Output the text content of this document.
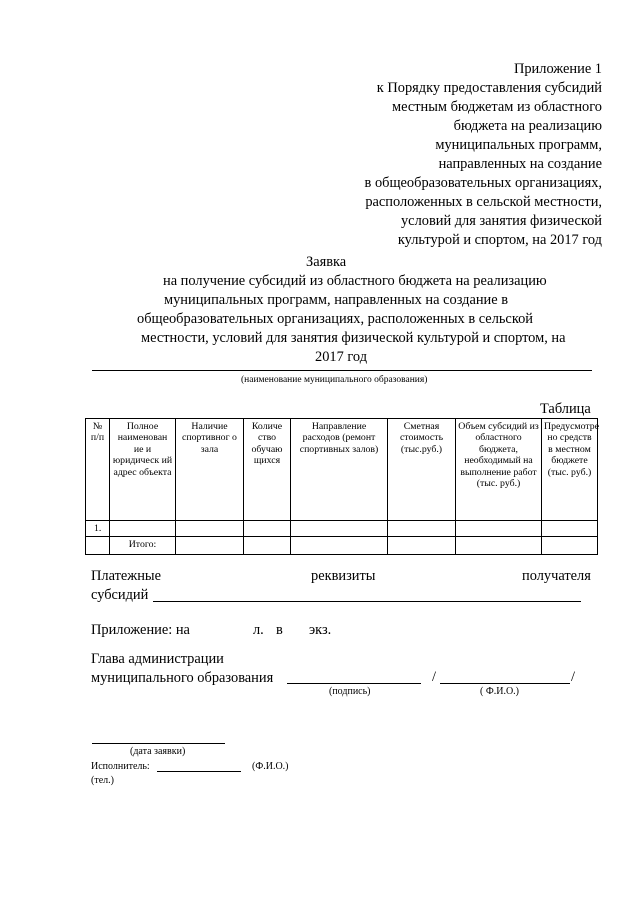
Приложение 1
к Порядку предоставления субсидий
местным бюджетам из областного
бюджета на реализацию
муниципальных программ,
направленных на создание
в общеобразовательных организациях,
расположенных в сельской местности,
условий для занятия физической
культурой и спортом, на 2017 год
Заявка
на получение субсидий из областного бюджета на реализацию
муниципальных программ, направленных на создание в
общеобразовательных организациях, расположенных в сельской
местности, условий для занятия физической культурой и спортом, на
2017 год
(наименование муниципального образования)
Таблица
№ п/п	Полное наименован ие и юридическ ий адрес объекта	Наличие спортивног о зала	Количе ство обучаю щихся	Направление расходов (ремонт спортивных залов)	Сметная стоимость (тыс.руб.)	Объем субсидий из областного бюджета, необходимый на выполнение работ (тыс. руб.)	Предусмотре но средств в местном бюджете (тыс. руб.)
1.							
	Итого:						
Платежные	реквизиты	получателя
субсидий
Приложение: на	л. в экз.
Глава администрации
муниципального образования	/	/
(подпись)	( Ф.И.О.)
(дата заявки)
Исполнитель:	(Ф.И.О.)
(тел.)
